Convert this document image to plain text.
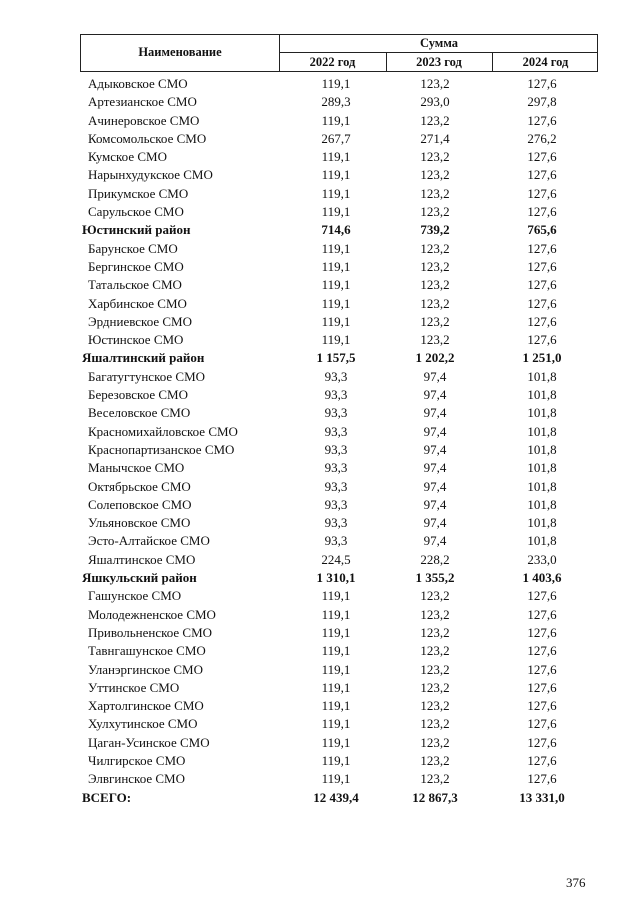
Наименование
Сумма
2022 год	2023 год	2024 год
Адыковское СМО	119,1	123,2	127,6
Артезианское СМО	289,3	293,0	297,8
Ачинеровское СМО	119,1	123,2	127,6
Комсомольское СМО	267,7	271,4	276,2
Кумское СМО	119,1	123,2	127,6
Нарынхудукское СМО	119,1	123,2	127,6
Прикумское СМО	119,1	123,2	127,6
Сарульское СМО	119,1	123,2	127,6
Юстинский район	714,6	739,2	765,6
Барунское СМО	119,1	123,2	127,6
Бергинское СМО	119,1	123,2	127,6
Татальское СМО	119,1	123,2	127,6
Харбинское СМО	119,1	123,2	127,6
Эрдниевское СМО	119,1	123,2	127,6
Юстинское СМО	119,1	123,2	127,6
Яшалтинский район	1 157,5	1 202,2	1 251,0
Багатугтунское СМО	93,3	97,4	101,8
Березовское СМО	93,3	97,4	101,8
Веселовское СМО	93,3	97,4	101,8
Красномихайловское СМО	93,3	97,4	101,8
Краснопартизанское СМО	93,3	97,4	101,8
Манычское СМО	93,3	97,4	101,8
Октябрьское СМО	93,3	97,4	101,8
Солеповское СМО	93,3	97,4	101,8
Ульяновское СМО	93,3	97,4	101,8
Эсто-Алтайское СМО	93,3	97,4	101,8
Яшалтинское СМО	224,5	228,2	233,0
Яшкульский район	1 310,1	1 355,2	1 403,6
Гашунское СМО	119,1	123,2	127,6
Молодежненское СМО	119,1	123,2	127,6
Привольненское СМО	119,1	123,2	127,6
Тавнгашунское СМО	119,1	123,2	127,6
Уланэргинское СМО	119,1	123,2	127,6
Уттинское СМО	119,1	123,2	127,6
Хартолгинское СМО	119,1	123,2	127,6
Хулхутинское СМО	119,1	123,2	127,6
Цаган-Усинское СМО	119,1	123,2	127,6
Чилгирское СМО	119,1	123,2	127,6
Элвгинское СМО	119,1	123,2	127,6
ВСЕГО:	12 439,4	12 867,3	13 331,0
376
